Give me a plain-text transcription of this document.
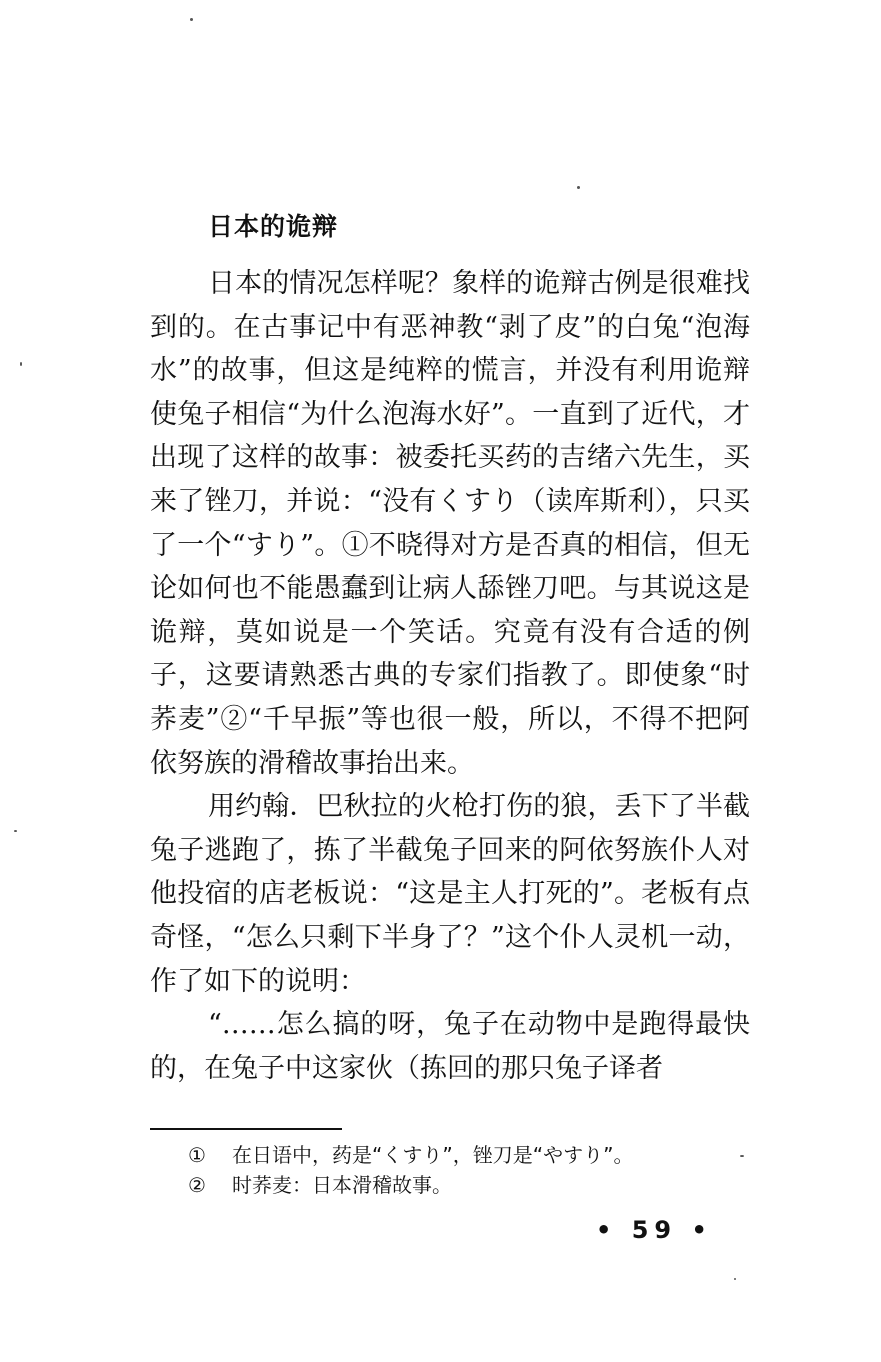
日本的诡辩

日本的情况怎样呢？象样的诡辩古例是很难找到的。在古事记中有恶神教“剥了皮”的白兔“泡海水”的故事，但这是纯粹的慌言，并没有利用诡辩使兔子相信“为什么泡海水好”。一直到了近代，才出现了这样的故事：被委托买药的吉绪六先生，买来了锉刀，并说：“没有くすり（读库斯利），只买了一个“すり”。①不晓得对方是否真的相信，但无论如何也不能愚蠢到让病人舔锉刀吧。与其说这是诡辩，莫如说是一个笑话。究竟有没有合适的例子，这要请熟悉古典的专家们指教了。即使象“时荞麦”②“千早振”等也很一般，所以，不得不把阿依努族的滑稽故事抬出来。

用约翰．巴秋拉的火枪打伤的狼，丢下了半截兔子逃跑了，拣了半截兔子回来的阿依努族仆人对他投宿的店老板说：“这是主人打死的”。老板有点奇怪，“怎么只剩下半身了？”这个仆人灵机一动，作了如下的说明：

“……怎么搞的呀，兔子在动物中是跑得最快的，在兔子中这家伙（拣回的那只兔子译者

① 在日语中，药是“くすり”，锉刀是“やすり”。

② 时荞麦：日本滑稽故事。

• 59 •
